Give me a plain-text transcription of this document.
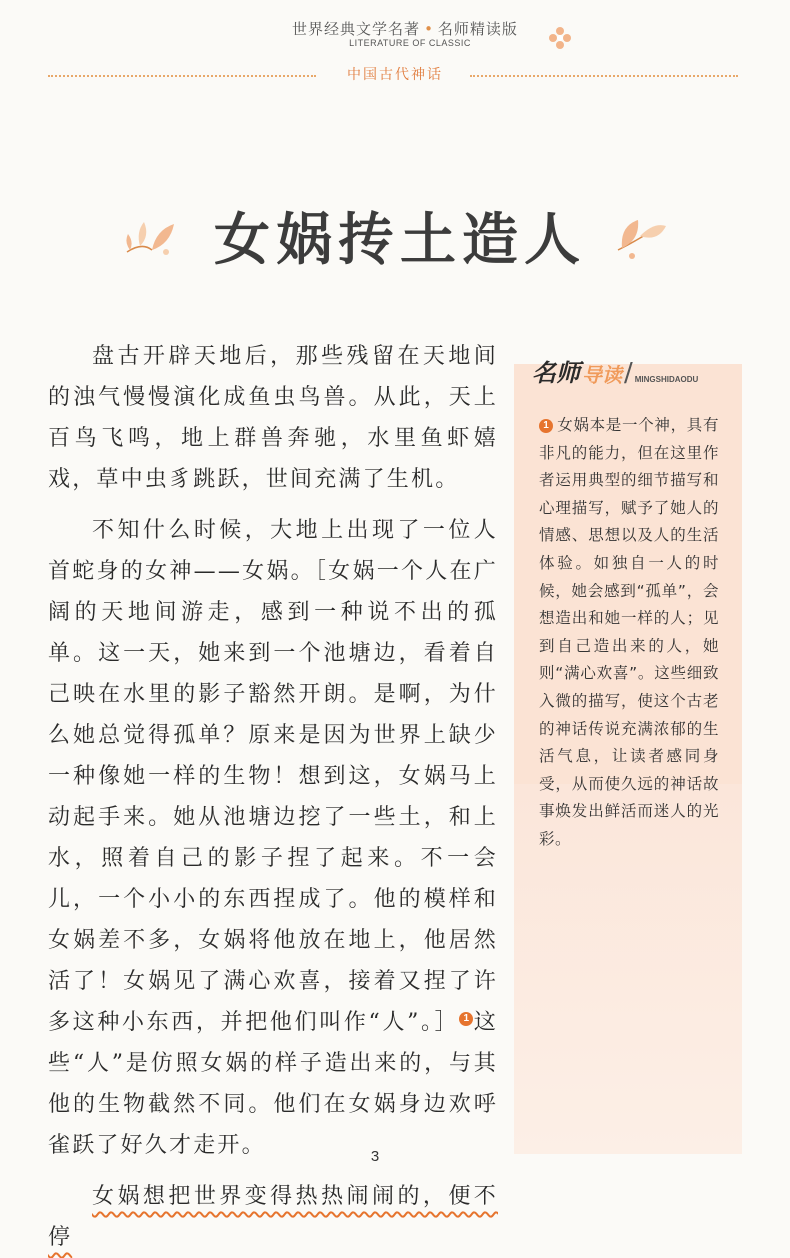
世界经典文学名著 • 名师精读版
LITERATURE OF CLASSIC
中国古代神话
女娲抟土造人

盘古开辟天地后，那些残留在天地间的浊气慢慢演化成鱼虫鸟兽。从此，天上百鸟飞鸣，地上群兽奔驰，水里鱼虾嬉戏，草中虫豸跳跃，世间充满了生机。

不知什么时候，大地上出现了一位人首蛇身的女神——女娲。［女娲一个人在广阔的天地间游走，感到一种说不出的孤单。这一天，她来到一个池塘边，看着自己映在水里的影子豁然开朗。是啊，为什么她总觉得孤单？原来是因为世界上缺少一种像她一样的生物！想到这，女娲马上动起手来。她从池塘边挖了一些土，和上水，照着自己的影子捏了起来。不一会儿，一个小小的东西捏成了。他的模样和女娲差不多，女娲将他放在地上，他居然活了！女娲见了满心欢喜，接着又捏了许多这种小东西，并把他们叫作“人”。］ 1 这些“人”是仿照女娲的样子造出来的，与其他的生物截然不同。他们在女娲身边欢呼雀跃了好久才走开。

女娲想把世界变得热热闹闹的，便不停

名师 导读 / MINGSHIDAODU
1 女娲本是一个神，具有非凡的能力，但在这里作者运用典型的细节描写和心理描写，赋予了她人的情感、思想以及人的生活体验。如独自一人的时候，她会感到“孤单”，会想造出和她一样的人；见到自己造出来的人，她则“满心欢喜”。这些细致入微的描写，使这个古老的神话传说充满浓郁的生活气息，让读者感同身受，从而使久远的神话故事焕发出鲜活而迷人的光彩。
3
